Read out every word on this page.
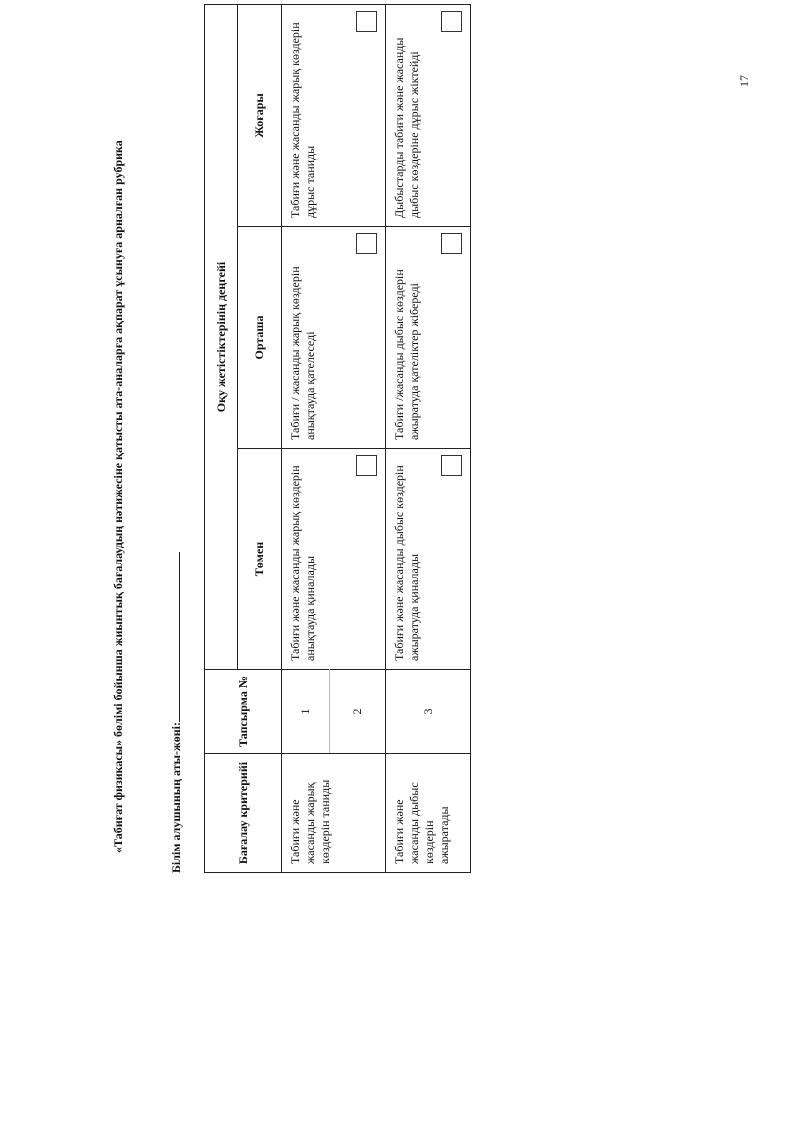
17
«Табиғат физикасы» бөлімі бойынша жиынтық бағалаудың нәтижесіне қатысты ата-аналарға ақпарат ұсынуға арналған рубрика	Білім алушының аты-жөні:	Бағалау критерийі	Тапсырма №	Оқу жетістіктерінің деңгейі		
		Төмен	Орташа	Жоғары
Табиғи және жасанды жарық көздерін таниды	1	Табиғи және жасанды жарық көздерін анықтауда қиналады	Табиғи / жасанды жарық көздерін анықтауда қателеседі	Табиғи және жасанды жарық көздерін дұрыс таниды

	2			
Табиғи және жасанды дыбыс көздерін ажыратады	3	Табиғи және жасанды дыбыс көздерін ажыратуда қиналады	Табиғи /жасанды дыбыс көздерін ажыратуда қателіктер жібереді	Дыбыстарды табиғи және жасанды дыбыс көздеріне дұрыс жіктейді
